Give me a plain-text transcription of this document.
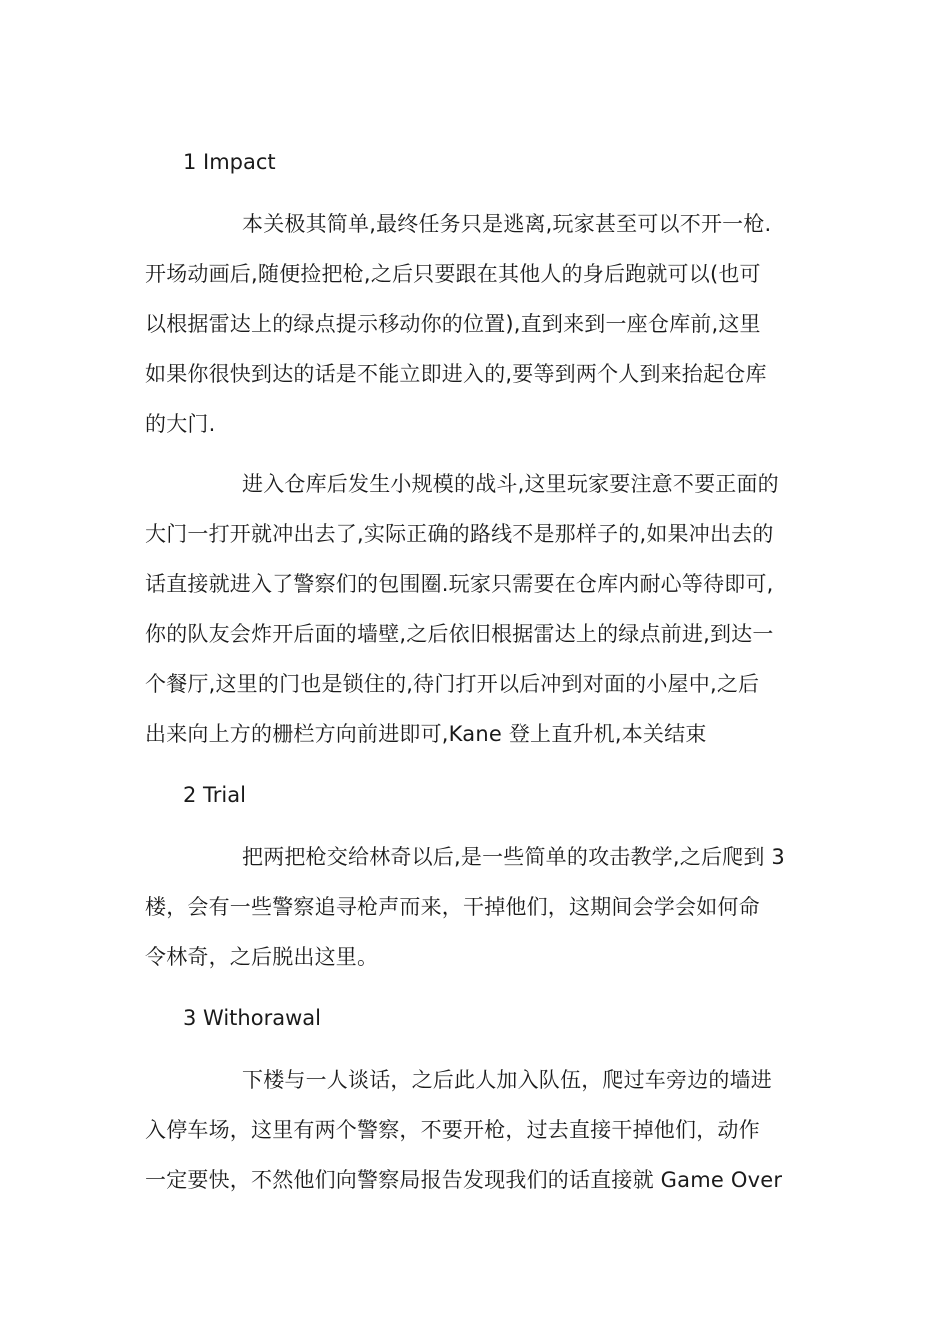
1 Impact

本关极其简单,最终任务只是逃离,玩家甚至可以不开一枪.
开场动画后,随便捡把枪,之后只要跟在其他人的身后跑就可以(也可
以根据雷达上的绿点提示移动你的位置),直到来到一座仓库前,这里
如果你很快到达的话是不能立即进入的,要等到两个人到来抬起仓库
的大门.

进入仓库后发生小规模的战斗,这里玩家要注意不要正面的
大门一打开就冲出去了,实际正确的路线不是那样子的,如果冲出去的
话直接就进入了警察们的包围圈.玩家只需要在仓库内耐心等待即可,
你的队友会炸开后面的墙壁,之后依旧根据雷达上的绿点前进,到达一
个餐厅,这里的门也是锁住的,待门打开以后冲到对面的小屋中,之后
出来向上方的栅栏方向前进即可,Kane 登上直升机,本关结束

2 Trial

把两把枪交给林奇以后,是一些简单的攻击教学,之后爬到 3
楼，会有一些警察追寻枪声而来，干掉他们，这期间会学会如何命
令林奇，之后脱出这里。

3 Withorawal

下楼与一人谈话，之后此人加入队伍，爬过车旁边的墙进
入停车场，这里有两个警察，不要开枪，过去直接干掉他们，动作
一定要快，不然他们向警察局报告发现我们的话直接就 Game Over
